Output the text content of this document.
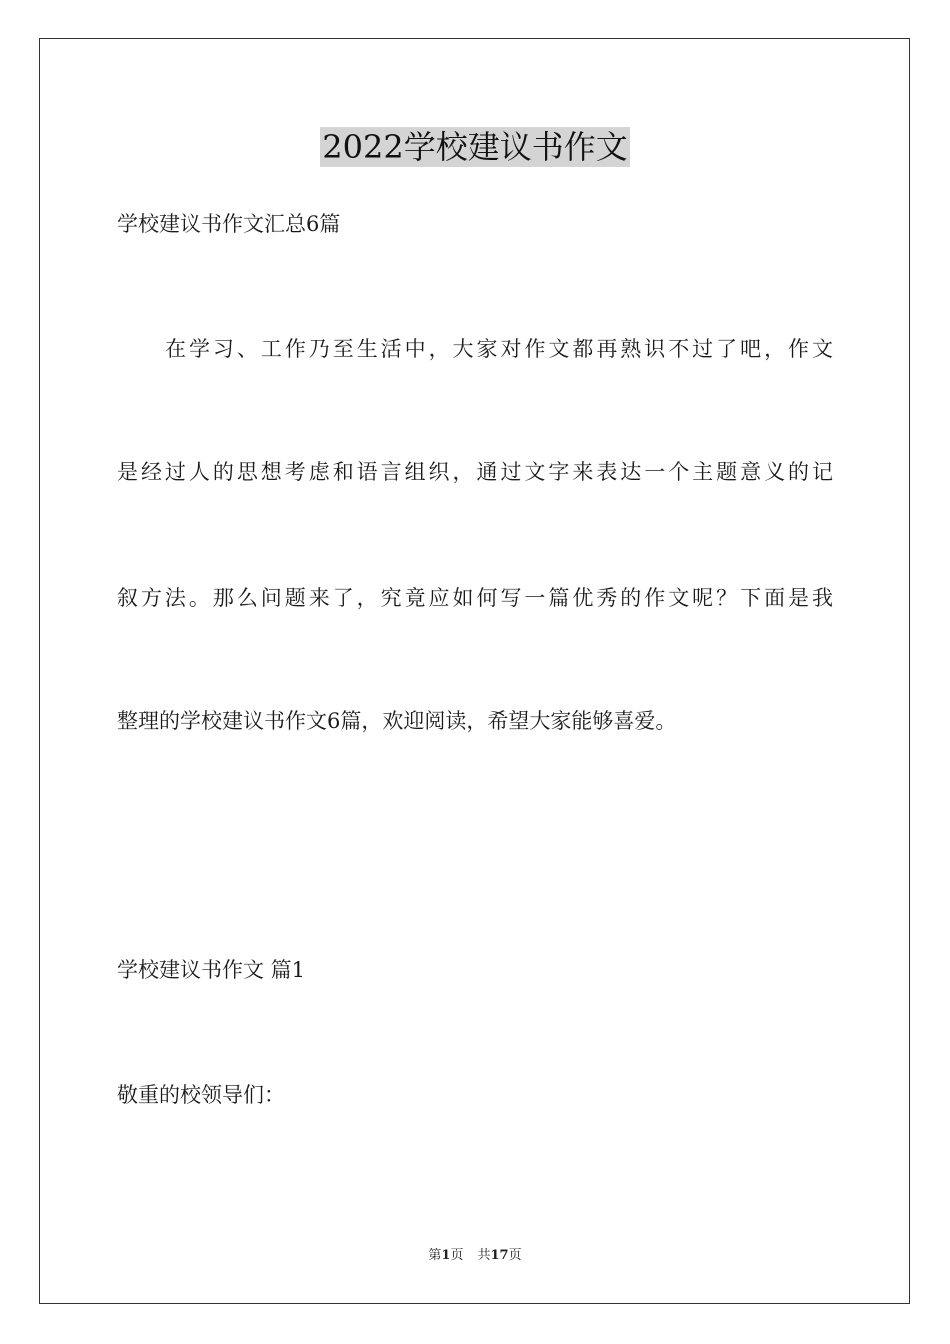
2022学校建议书作文
学校建议书作文汇总6篇
在学习、工作乃至生活中，大家对作文都再熟识不过了吧，作文
是经过人的思想考虑和语言组织，通过文字来表达一个主题意义的记
叙方法。那么问题来了，究竟应如何写一篇优秀的作文呢？下面是我
整理的学校建议书作文6篇，欢迎阅读，希望大家能够喜爱。
学校建议书作文 篇1
敬重的校领导们：
第1页 共17页
